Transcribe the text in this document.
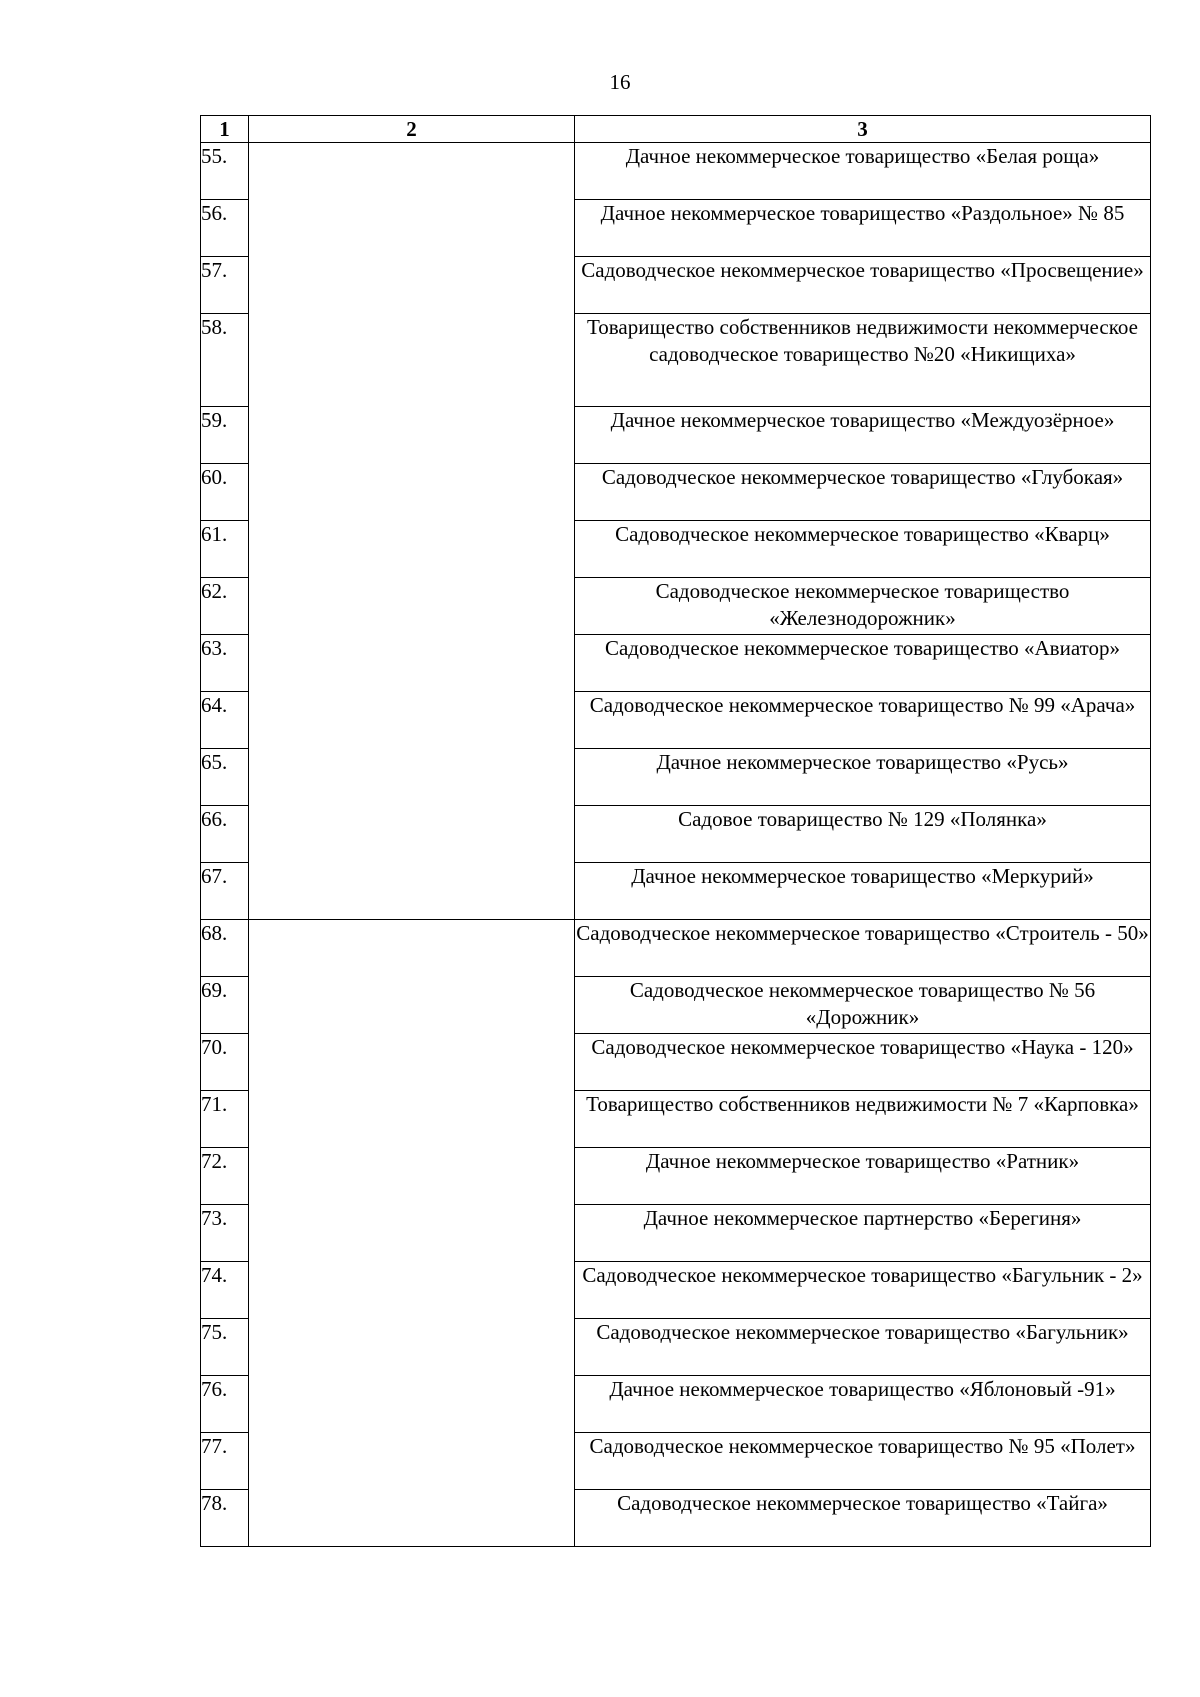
16
1	2	3
55.		Дачное некоммерческое товарищество «Белая роща»
56.		Дачное некоммерческое товарищество «Раздольное» № 85
57.		Садоводческое некоммерческое товарищество «Просвещение»
58.		Товарищество собственников недвижимости некоммерческое садоводческое товарищество №20 «Никищиха»
59.		Дачное некоммерческое товарищество «Междуозёрное»
60.		Садоводческое некоммерческое товарищество «Глубокая»
61.		Садоводческое некоммерческое товарищество «Кварц»
62.		Садоводческое некоммерческое товарищество «Железнодорожник»
63.		Садоводческое некоммерческое товарищество «Авиатор»
64.		Садоводческое некоммерческое товарищество № 99 «Арача»
65.		Дачное некоммерческое товарищество «Русь»
66.		Садовое товарищество № 129 «Полянка»
67.		Дачное некоммерческое товарищество «Меркурий»
68.		Садоводческое некоммерческое товарищество «Строитель - 50»
69.		Садоводческое некоммерческое товарищество № 56 «Дорожник»
70.		Садоводческое некоммерческое товарищество «Наука - 120»
71.		Товарищество собственников недвижимости № 7 «Карповка»
72.		Дачное некоммерческое товарищество «Ратник»
73.		Дачное некоммерческое партнерство «Берегиня»
74.		Садоводческое некоммерческое товарищество «Багульник - 2»
75.		Садоводческое некоммерческое товарищество «Багульник»
76.		Дачное некоммерческое товарищество «Яблоновый -91»
77.		Садоводческое некоммерческое товарищество № 95 «Полет»
78.		Садоводческое некоммерческое товарищество «Тайга»
